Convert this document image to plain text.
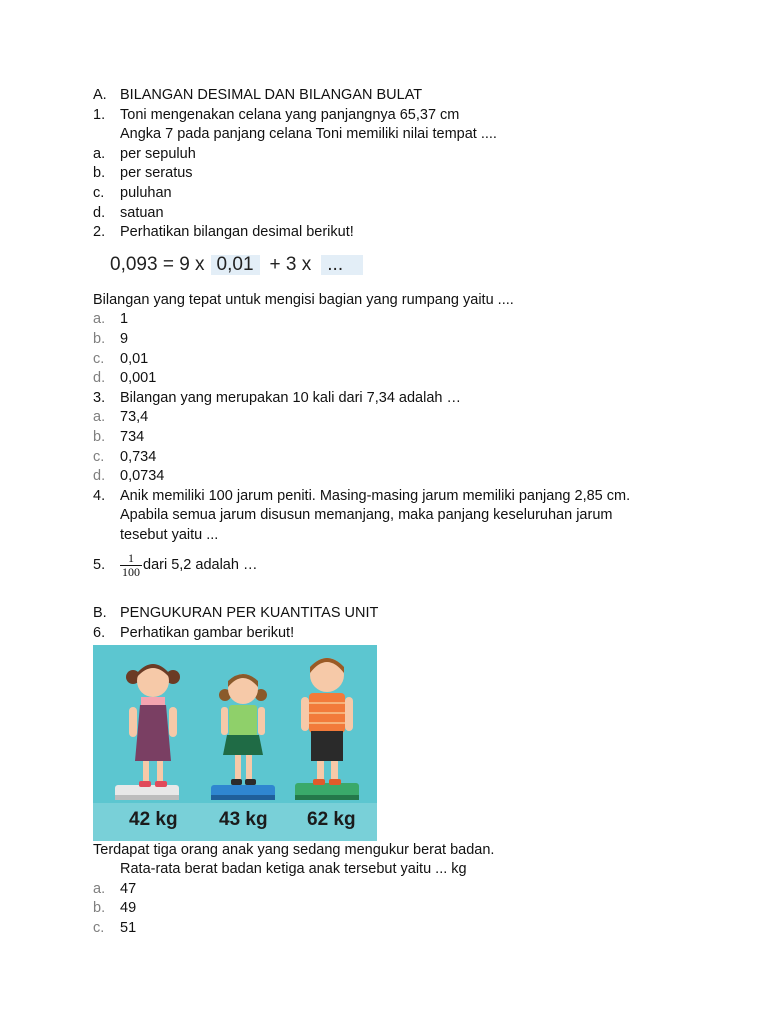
A. BILANGAN DESIMAL DAN BILANGAN BULAT
1.	Toni mengenakan celana yang panjangnya 65,37 cm
Angka 7 pada panjang celana Toni memiliki nilai tempat ....
a.	per sepuluh
b.	per seratus
c.	puluhan
d.	satuan
2.	Perhatikan bilangan desimal berikut!
0,093 = 9 x 0,01 + 3 x ...
Bilangan yang tepat untuk mengisi bagian yang rumpang yaitu ....
a.	1
b.	9
c.	0,01
d.	0,001
3.	Bilangan yang merupakan 10 kali dari 7,34 adalah …
a.	73,4
b.	734
c.	0,734
d.	0,0734
4.	Anik memiliki 100 jarum peniti. Masing-masing jarum memiliki panjang 2,85 cm.
Apabila semua jarum disusun memanjang, maka panjang keseluruhan jarum
tesebut yaitu ...
5.	$\frac{1}{100}$ dari 5,2 adalah …
B. PENGUKURAN PER KUANTITAS UNIT
6.	Perhatikan gambar berikut!
42 kg 43 kg 62 kg
Terdapat tiga orang anak yang sedang mengukur berat badan.
Rata-rata berat badan ketiga anak tersebut yaitu ... kg
a.	47
b.	49
c.	51
